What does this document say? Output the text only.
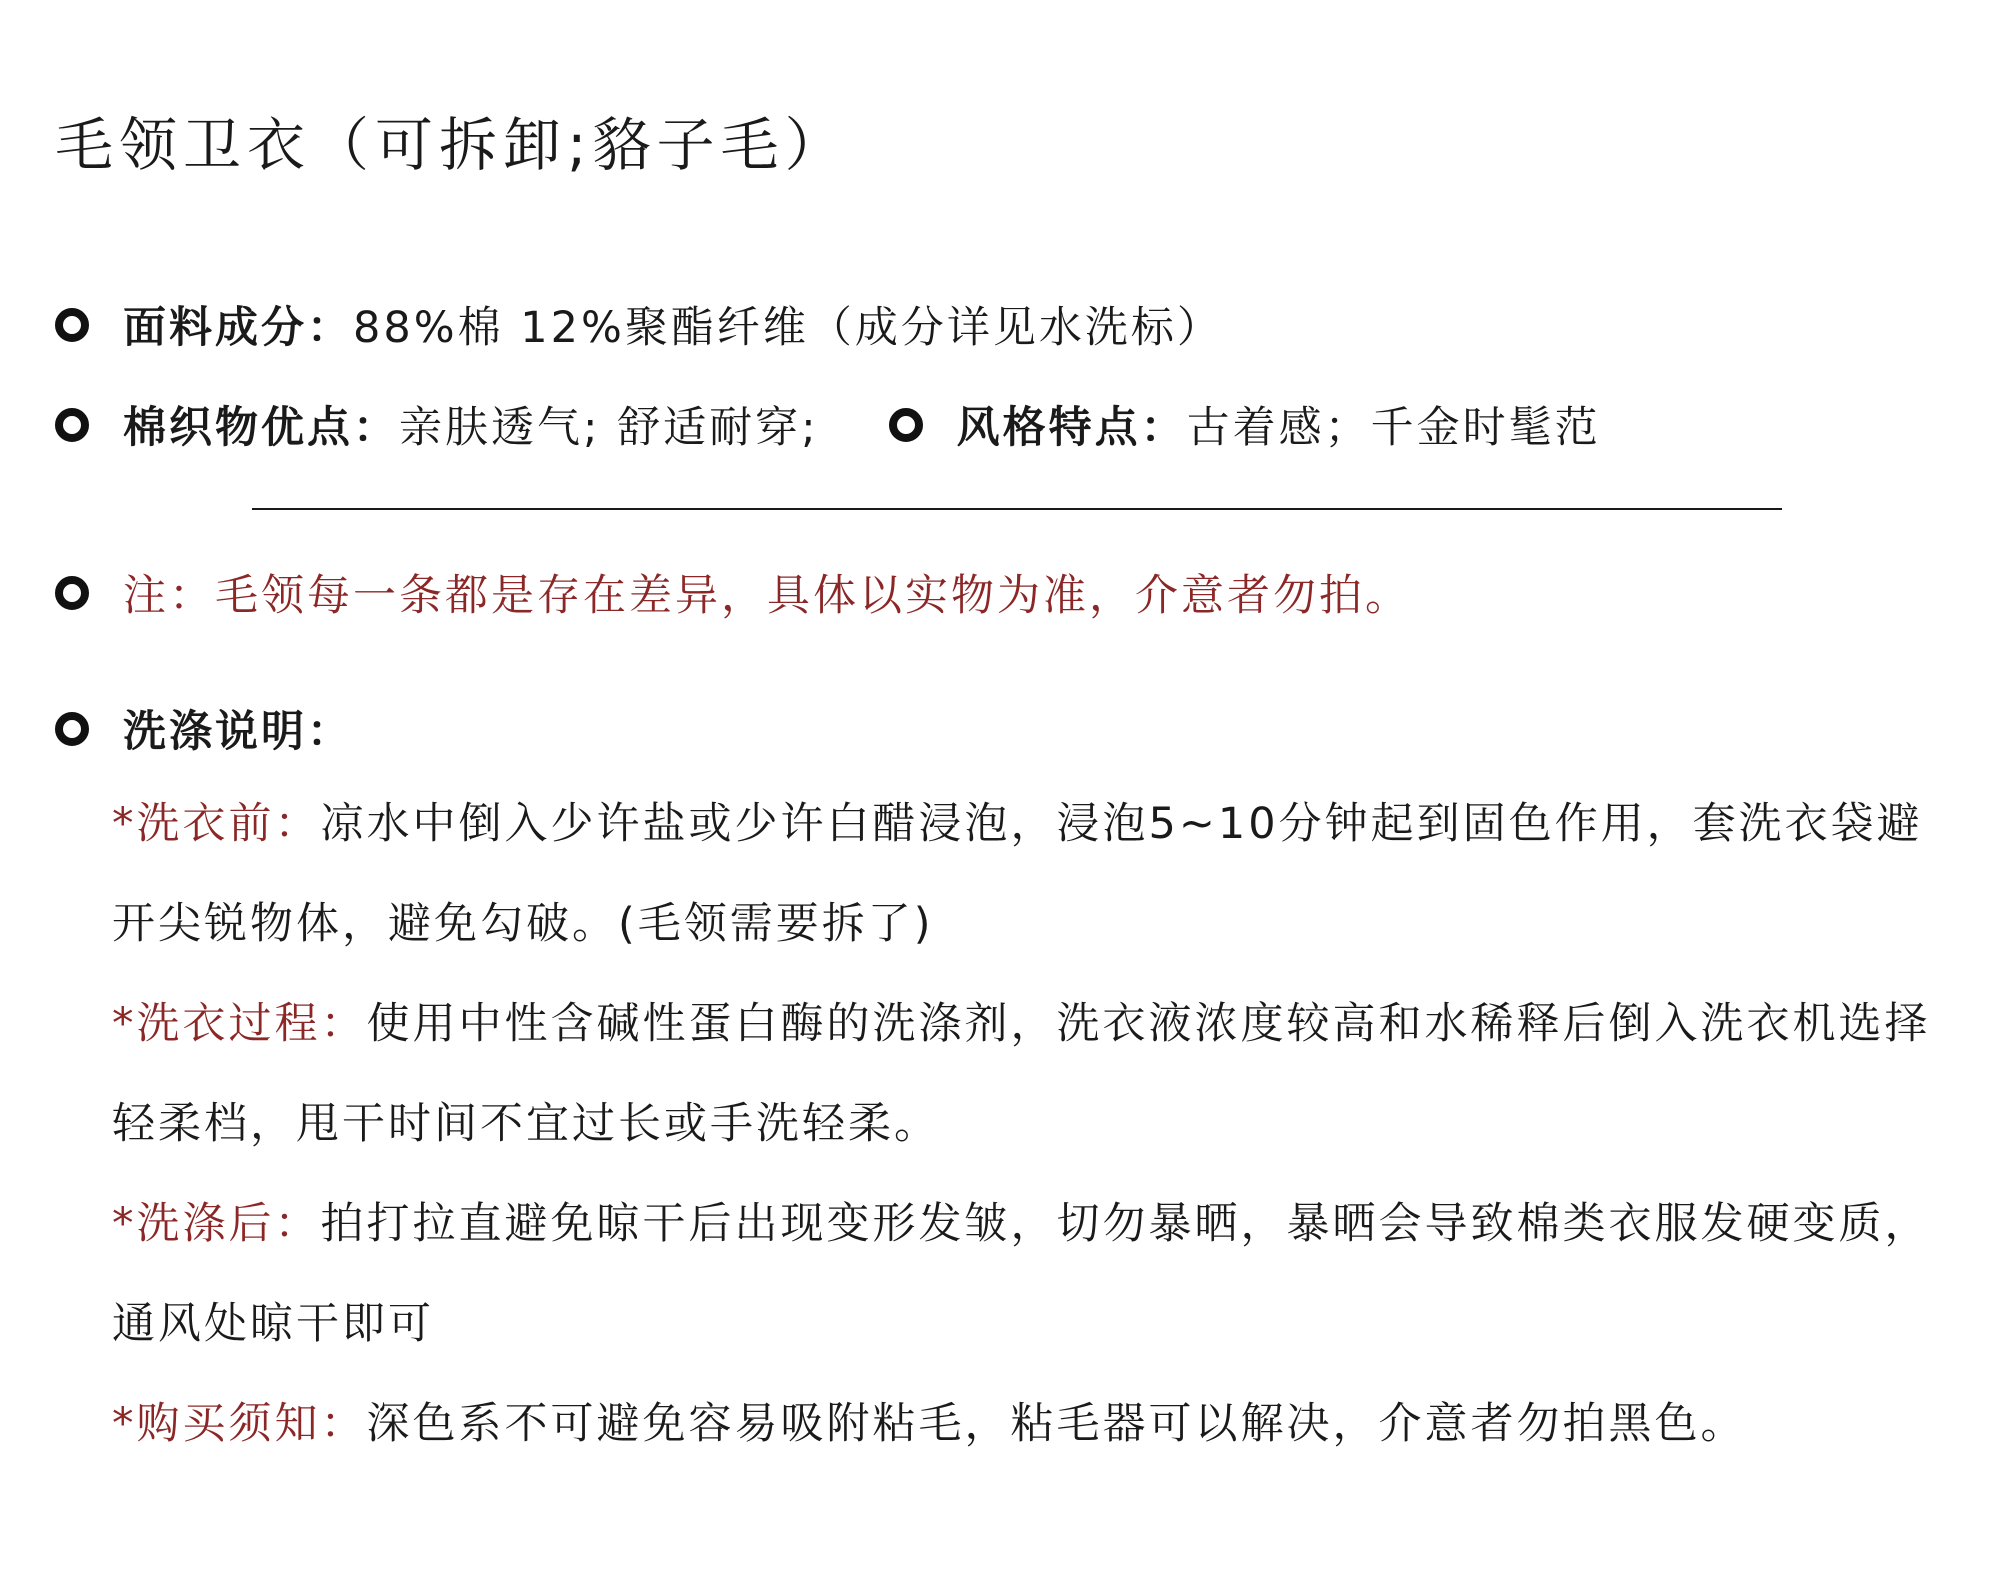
毛领卫衣（可拆卸;貉子毛）
面料成分： 88%棉 12%聚酯纤维（成分详见水洗标）
棉织物优点： 亲肤透气; 舒适耐穿;	风格特点： 古着感；千金时髦范
注：毛领每一条都是存在差异，具体以实物为准，介意者勿拍。
洗涤说明：
*洗衣前：凉水中倒入少许盐或少许白醋浸泡，浸泡5~10分钟起到固色作用，套洗衣袋避开尖锐物体，避免勾破。(毛领需要拆了)
*洗衣过程：使用中性含碱性蛋白酶的洗涤剂，洗衣液浓度较高和水稀释后倒入洗衣机选择轻柔档，甩干时间不宜过长或手洗轻柔。
*洗涤后：拍打拉直避免晾干后出现变形发皱，切勿暴晒，暴晒会导致棉类衣服发硬变质，通风处晾干即可
*购买须知：深色系不可避免容易吸附粘毛，粘毛器可以解决，介意者勿拍黑色。
